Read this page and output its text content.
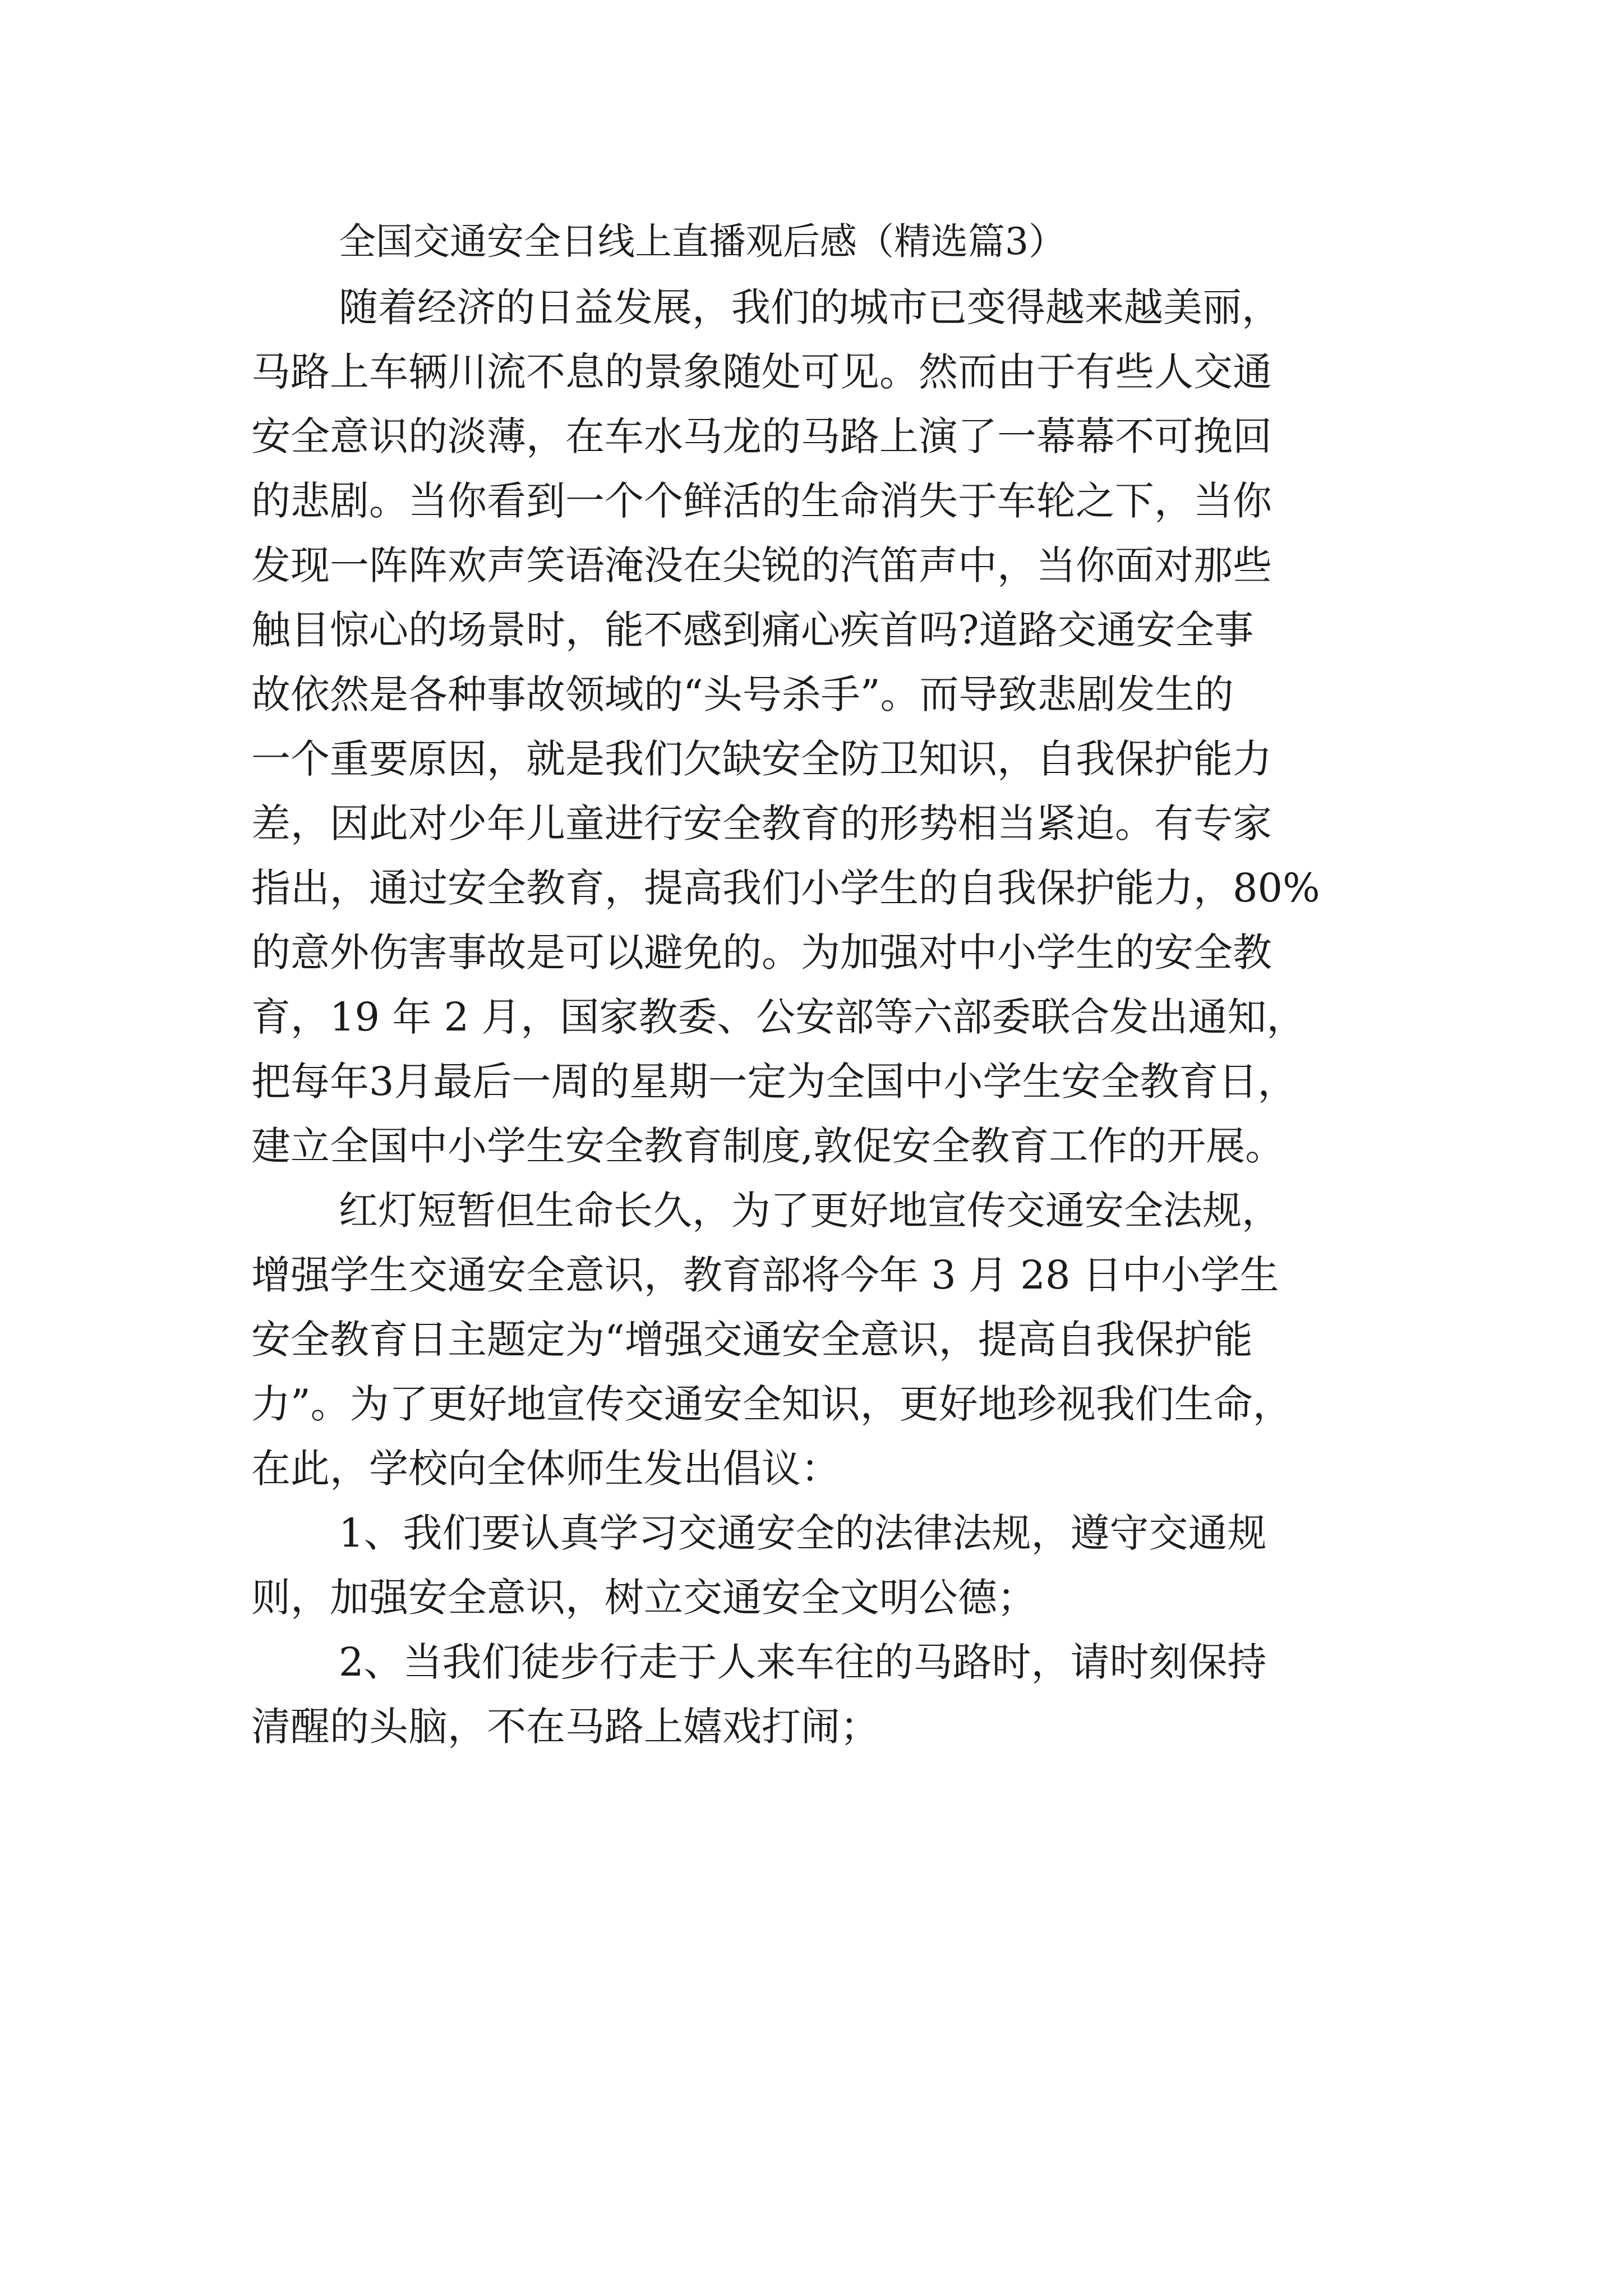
全国交通安全日线上直播观后感（精选篇3）
随着经济的日益发展，我们的城市已变得越来越美丽，
马路上车辆川流不息的景象随处可见。然而由于有些人交通
安全意识的淡薄，在车水马龙的马路上演了一幕幕不可挽回
的悲剧。当你看到一个个鲜活的生命消失于车轮之下，当你
发现一阵阵欢声笑语淹没在尖锐的汽笛声中，当你面对那些
触目惊心的场景时，能不感到痛心疾首吗?道路交通安全事
故依然是各种事故领域的“头号杀手”。而导致悲剧发生的
一个重要原因，就是我们欠缺安全防卫知识，自我保护能力
差，因此对少年儿童进行安全教育的形势相当紧迫。有专家
指出，通过安全教育，提高我们小学生的自我保护能力，80%
的意外伤害事故是可以避免的。为加强对中小学生的安全教
育，19 年 2 月，国家教委、公安部等六部委联合发出通知，
把每年3月最后一周的星期一定为全国中小学生安全教育日，
建立全国中小学生安全教育制度,敦促安全教育工作的开展。
红灯短暂但生命长久，为了更好地宣传交通安全法规，
增强学生交通安全意识，教育部将今年 3 月 28 日中小学生
安全教育日主题定为“增强交通安全意识，提高自我保护能
力”。为了更好地宣传交通安全知识，更好地珍视我们生命，
在此，学校向全体师生发出倡议：
1、我们要认真学习交通安全的法律法规，遵守交通规
则，加强安全意识，树立交通安全文明公德；
2、当我们徒步行走于人来车往的马路时，请时刻保持
清醒的头脑，不在马路上嬉戏打闹；
